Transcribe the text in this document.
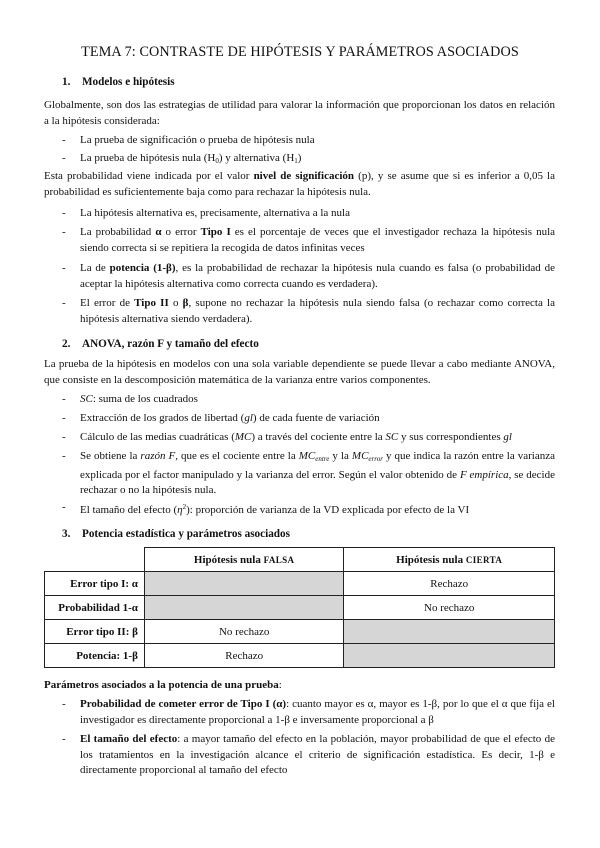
TEMA 7: CONTRASTE DE HIPÓTESIS Y PARÁMETROS ASOCIADOS
1. Modelos e hipótesis
Globalmente, son dos las estrategias de utilidad para valorar la información que proporcionan los datos en relación a la hipótesis considerada:
- La prueba de significación o prueba de hipótesis nula
- La prueba de hipótesis nula $(H_0)$ y alternativa $(H_1)$
Esta probabilidad viene indicada por el valor nivel de significación (p), y se asume que si es inferior a 0,05 la probabilidad es suficientemente baja como para rechazar la hipótesis nula.
- La hipótesis alternativa es, precisamente, alternativa a la nula
- La probabilidad α o error Tipo I es el porcentaje de veces que el investigador rechaza la hipótesis nula siendo correcta si se repitiera la recogida de datos infinitas veces
- La de potencia (1-β), es la probabilidad de rechazar la hipótesis nula cuando es falsa (o probabilidad de aceptar la hipótesis alternativa como correcta cuando es verdadera).
- El error de Tipo II o β, supone no rechazar la hipótesis nula siendo falsa (o rechazar como correcta la hipótesis alternativa siendo verdadera).
2. ANOVA, razón F y tamaño del efecto
La prueba de la hipótesis en modelos con una sola variable dependiente se puede llevar a cabo mediante ANOVA, que consiste en la descomposición matemática de la varianza entre varios componentes.
- SC: suma de los cuadrados
- Extracción de los grados de libertad (gl) de cada fuente de variación
- Cálculo de las medias cuadráticas (MC) a través del cociente entre la SC y sus correspondientes gl
- Se obtiene la razón F, que es el cociente entre la $MC_{entre}$ y la $MC_{error}$ y que indica la razón entre la varianza explicada por el factor manipulado y la varianza del error. Según el valor obtenido de F empírica, se decide rechazar o no la hipótesis nula.
- El tamaño del efecto $(\eta^2)$: proporción de varianza de la VD explicada por efecto de la VI
3. Potencia estadística y parámetros asociados
	Hipótesis nula FALSA	Hipótesis nula CIERTA
Error tipo I: α		Rechazo
Probabilidad 1-α		No rechazo
Error tipo II: β	No rechazo	
Potencia: 1-β	Rechazo	
Parámetros asociados a la potencia de una prueba:
- Probabilidad de cometer error de Tipo I (α): cuanto mayor es α, mayor es 1-β, por lo que el α que fija el investigador es directamente proporcional a 1-β e inversamente proporcional a β
- El tamaño del efecto: a mayor tamaño del efecto en la población, mayor probabilidad de que el efecto de los tratamientos en la investigación alcance el criterio de significación estadística. Es decir, 1-β e directamente proporcional al tamaño del efecto
